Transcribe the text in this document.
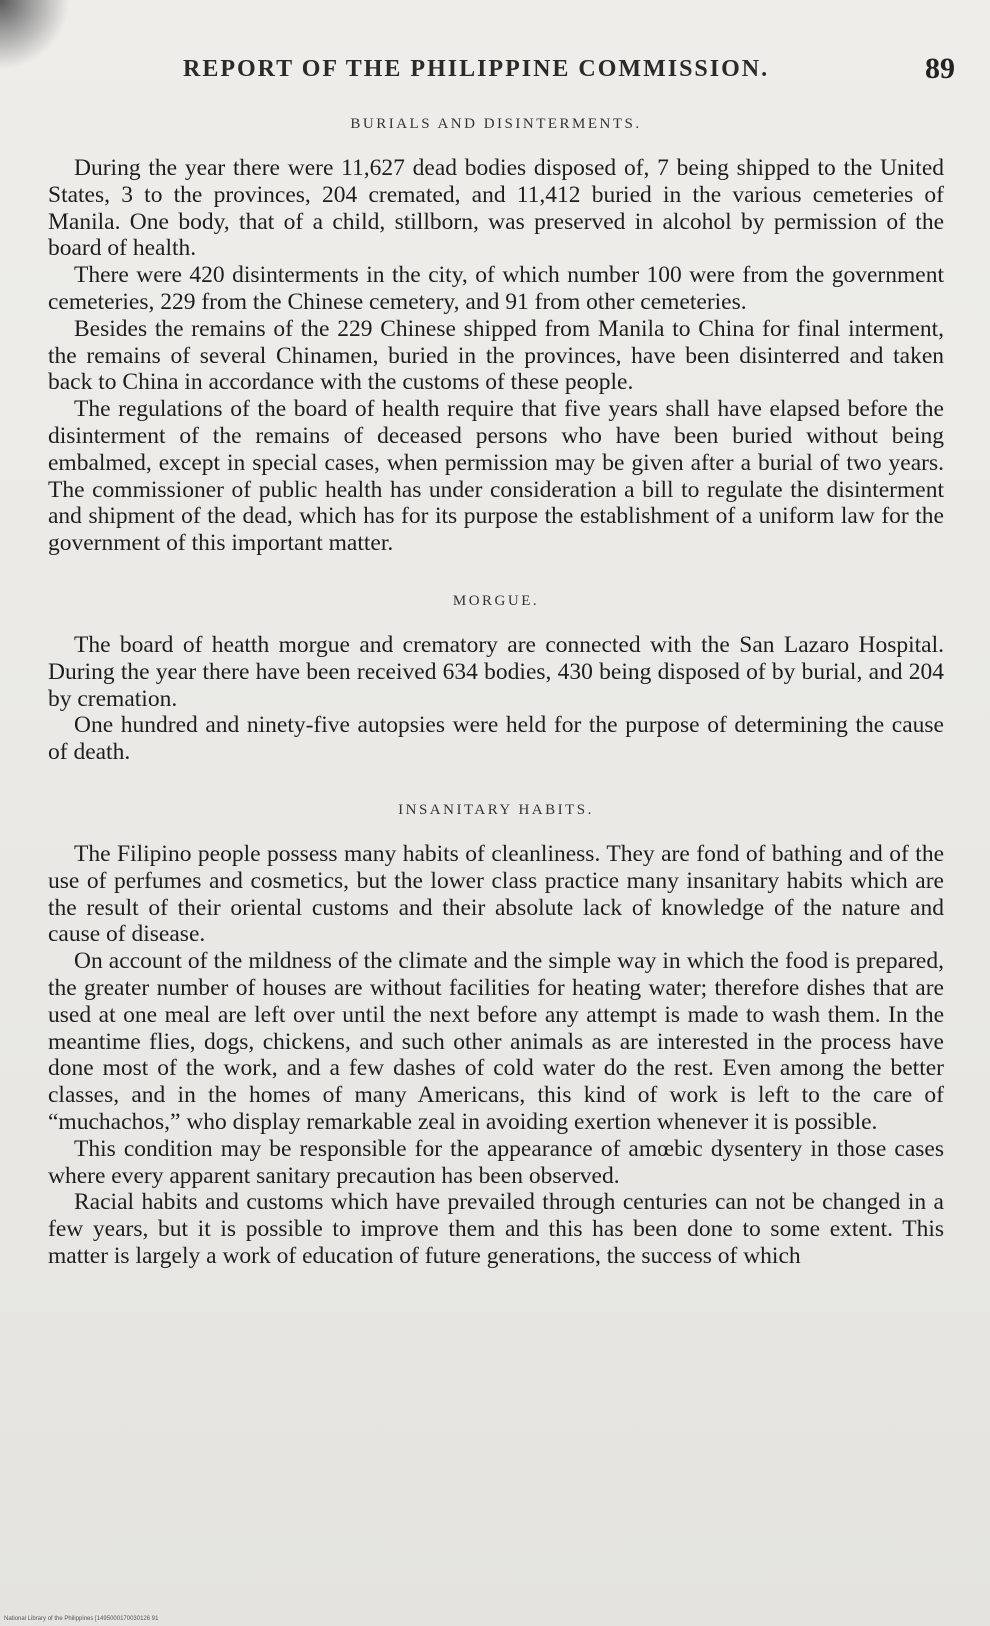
REPORT OF THE PHILIPPINE COMMISSION.	89
BURIALS AND DISINTERMENTS.

During the year there were 11,627 dead bodies disposed of, 7 being shipped to the United States, 3 to the provinces, 204 cremated, and 11,412 buried in the various cemeteries of Manila. One body, that of a child, stillborn, was preserved in alcohol by permission of the board of health.

There were 420 disinterments in the city, of which number 100 were from the government cemeteries, 229 from the Chinese cemetery, and 91 from other cemeteries.

Besides the remains of the 229 Chinese shipped from Manila to China for final interment, the remains of several Chinamen, buried in the provinces, have been disinterred and taken back to China in accordance with the customs of these people.

The regulations of the board of health require that five years shall have elapsed before the disinterment of the remains of deceased persons who have been buried without being embalmed, except in special cases, when permission may be given after a burial of two years. The commissioner of public health has under consideration a bill to regulate the disinterment and shipment of the dead, which has for its purpose the establishment of a uniform law for the government of this important matter.

MORGUE.

The board of heatth morgue and crematory are connected with the San Lazaro Hospital. During the year there have been received 634 bodies, 430 being disposed of by burial, and 204 by cremation.

One hundred and ninety-five autopsies were held for the purpose of determining the cause of death.

INSANITARY HABITS.

The Filipino people possess many habits of cleanliness. They are fond of bathing and of the use of perfumes and cosmetics, but the lower class practice many insanitary habits which are the result of their oriental customs and their absolute lack of knowledge of the nature and cause of disease.

On account of the mildness of the climate and the simple way in which the food is prepared, the greater number of houses are without facilities for heating water; therefore dishes that are used at one meal are left over until the next before any attempt is made to wash them. In the meantime flies, dogs, chickens, and such other animals as are interested in the process have done most of the work, and a few dashes of cold water do the rest. Even among the better classes, and in the homes of many Americans, this kind of work is left to the care of “muchachos,” who display remarkable zeal in avoiding exertion whenever it is possible.

This condition may be responsible for the appearance of amœbic dysentery in those cases where every apparent sanitary precaution has been observed.

Racial habits and customs which have prevailed through centuries can not be changed in a few years, but it is possible to improve them and this has been done to some extent. This matter is largely a work of education of future generations, the success of which

National Library of the Philippines [1495000170030126 91
